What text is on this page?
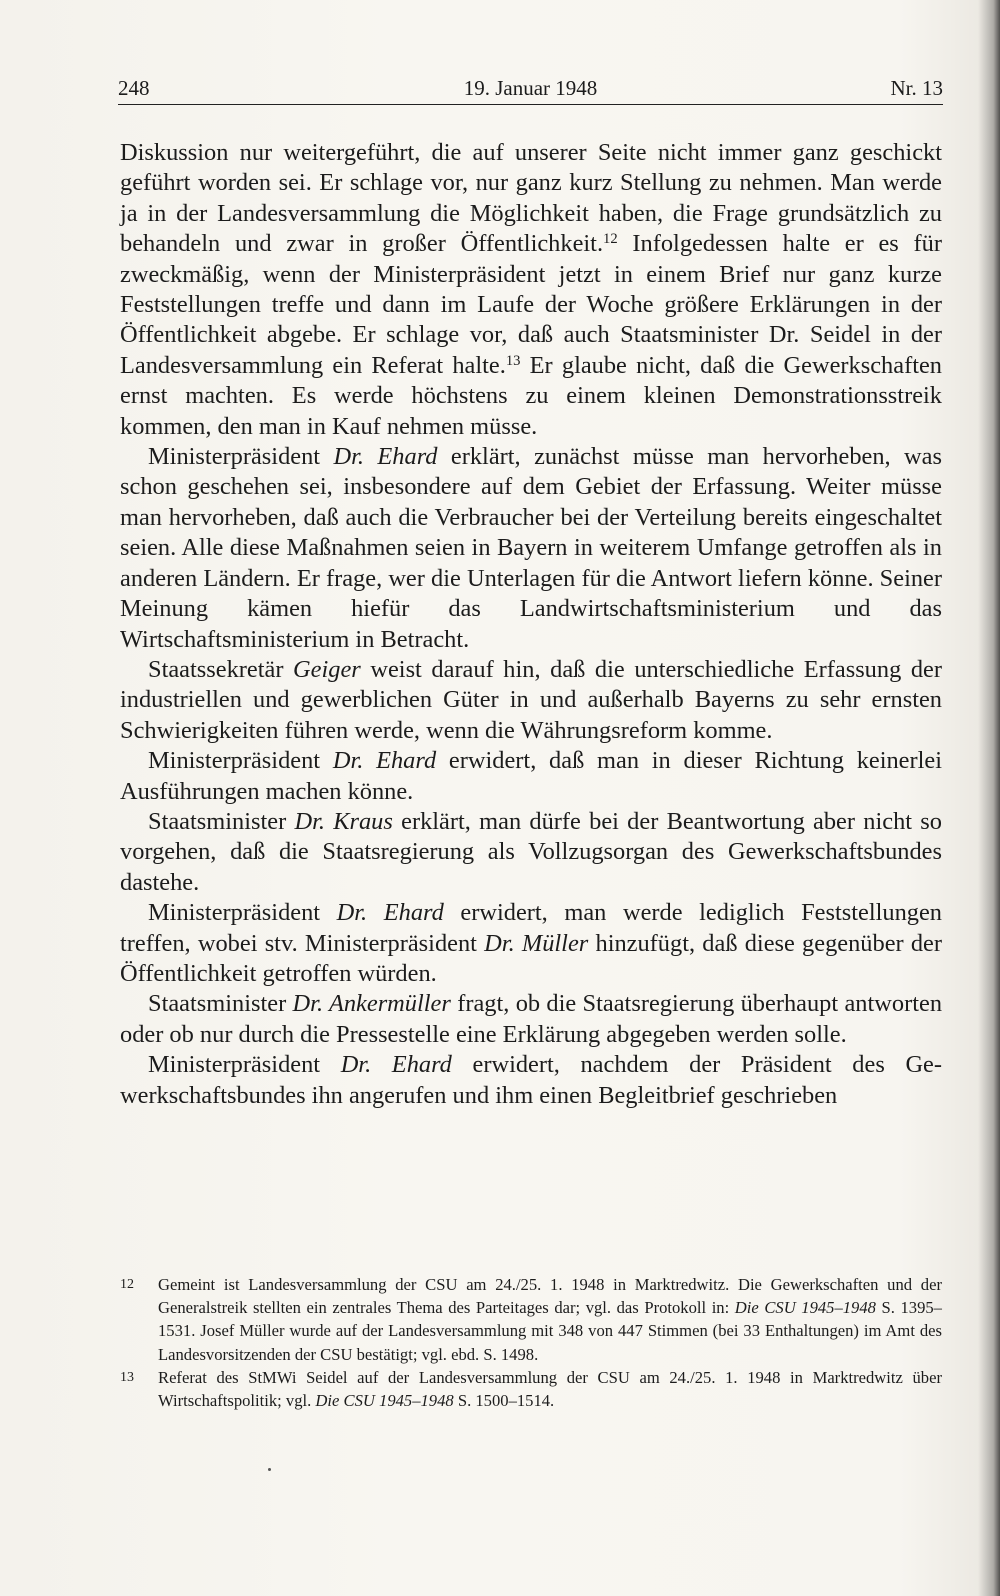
248	19. Januar 1948	Nr. 13

Diskussion nur weitergeführt, die auf unserer Seite nicht immer ganz geschickt geführt worden sei. Er schlage vor, nur ganz kurz Stellung zu nehmen. Man werde ja in der Landesversammlung die Möglichkeit haben, die Frage grundsätzlich zu behandeln und zwar in großer Öffentlichkeit.$^{12}$ Infolgedessen halte er es für zweckmäßig, wenn der Ministerpräsident jetzt in einem Brief nur ganz kurze Feststellungen treffe und dann im Laufe der Woche größere Erklärungen in der Öffentlichkeit abgebe. Er schlage vor, daß auch Staatsminister Dr. Seidel in der Landesversammlung ein Referat halte.$^{13}$ Er glaube nicht, daß die Gewerkschaften ernst machten. Es werde höchstens zu einem kleinen Demonstrationsstreik kommen, den man in Kauf nehmen müsse.

Ministerpräsident Dr. Ehard erklärt, zunächst müsse man hervorheben, was schon geschehen sei, insbesondere auf dem Gebiet der Erfassung. Weiter müsse man hervorheben, daß auch die Verbraucher bei der Verteilung bereits eingeschaltet seien. Alle diese Maßnahmen seien in Bayern in weiterem Umfange getroffen als in anderen Ländern. Er frage, wer die Unterlagen für die Antwort liefern könne. Seiner Meinung kämen hiefür das Landwirtschaftsministerium und das Wirtschaftsministerium in Betracht.

Staatssekretär Geiger weist darauf hin, daß die unterschiedliche Erfassung der industriellen und gewerblichen Güter in und außerhalb Bayerns zu sehr ernsten Schwierigkeiten führen werde, wenn die Währungsreform komme.

Ministerpräsident Dr. Ehard erwidert, daß man in dieser Richtung keinerlei Ausführungen machen könne.

Staatsminister Dr. Kraus erklärt, man dürfe bei der Beantwortung aber nicht so vorgehen, daß die Staatsregierung als Vollzugsorgan des Gewerkschaftsbundes dastehe.

Ministerpräsident Dr. Ehard erwidert, man werde lediglich Feststellungen treffen, wobei stv. Ministerpräsident Dr. Müller hinzufügt, daß diese gegenüber der Öffentlichkeit getroffen würden.

Staatsminister Dr. Ankermüller fragt, ob die Staatsregierung überhaupt antworten oder ob nur durch die Pressestelle eine Erklärung abgegeben werden solle.

Ministerpräsident Dr. Ehard erwidert, nachdem der Präsident des Gewerkschaftsbundes ihn angerufen und ihm einen Begleitbrief geschrieben

12 Gemeint ist Landesversammlung der CSU am 24./25. 1. 1948 in Marktredwitz. Die Gewerkschaften und der Generalstreik stellten ein zentrales Thema des Parteitages dar; vgl. das Protokoll in: Die CSU 1945–1948 S. 1395–1531. Josef Müller wurde auf der Landesversammlung mit 348 von 447 Stimmen (bei 33 Enthaltungen) im Amt des Landesvorsitzenden der CSU bestätigt; vgl. ebd. S. 1498.

13 Referat des StMWi Seidel auf der Landesversammlung der CSU am 24./25. 1. 1948 in Marktredwitz über Wirtschaftspolitik; vgl. Die CSU 1945–1948 S. 1500–1514.
